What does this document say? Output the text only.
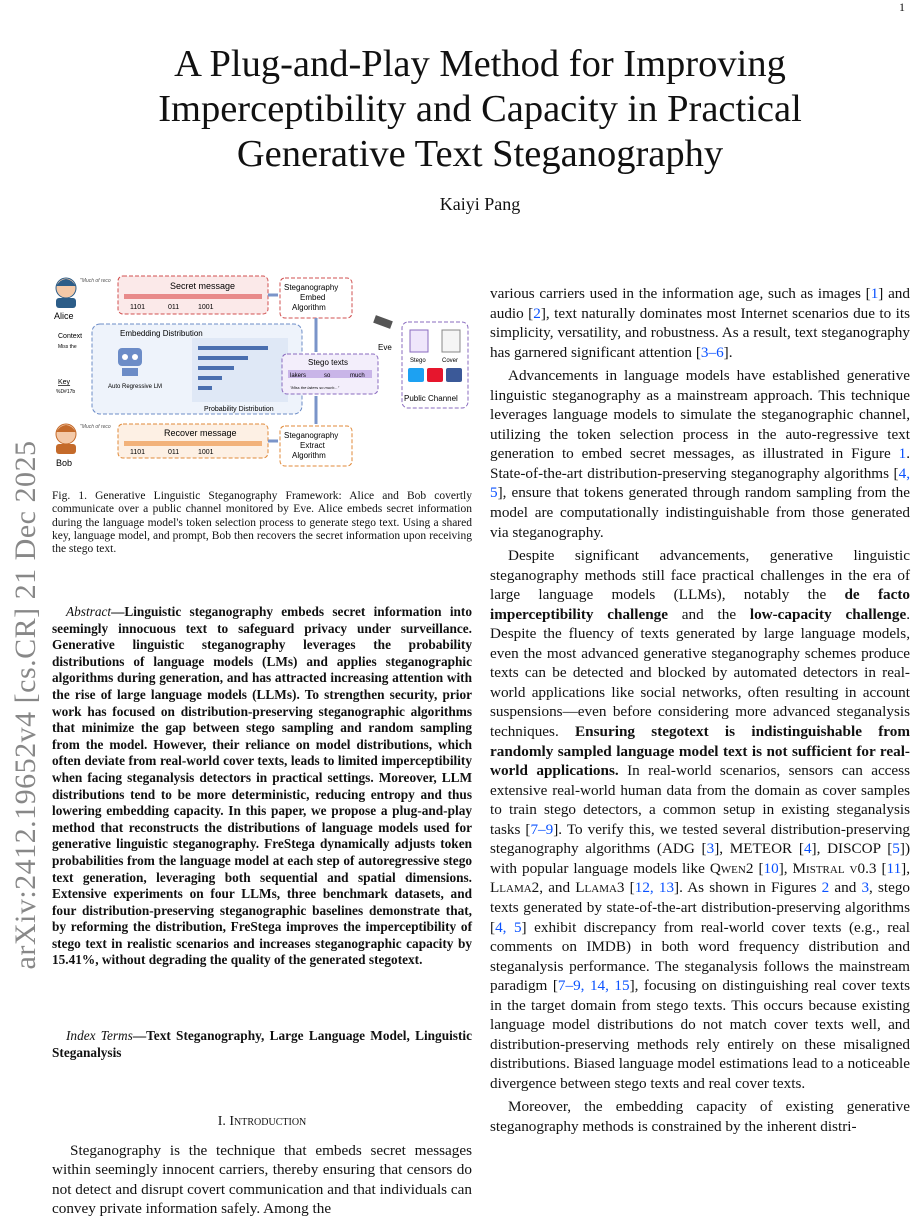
1
A Plug-and-Play Method for Improving
Imperceptibility and Capacity in Practical
Generative Text Steganography
Kaiyi Pang
arXiv:2412.19652v4 [cs.CR] 21 Dec 2025
Alice
"Much of reco	Secret message
1101	011	1001
Steganography
Embed
Algorithm
Embedding Distribution
Auto Regressive LM
Probability Distribution
Context
Miss the
Key
%D#17b
Stego texts
lakers	so	much
"Miss the lakers so much..."
Eve
Stego	Cover
Public Channel
Bob
"Much of reco
Recover message
1101	011	1001
Steganography
Extract
Algorithm
Fig. 1. Generative Linguistic Steganography Framework: Alice and Bob covertly communicate over a public channel monitored by Eve. Alice embeds secret information during the language model's token selection process to generate stego text. Using a shared key, language model, and prompt, Bob then recovers the secret information upon receiving the stego text.

Abstract—Linguistic steganography embeds secret information into seemingly innocuous text to safeguard privacy under surveillance. Generative linguistic steganography leverages the probability distributions of language models (LMs) and applies steganographic algorithms during generation, and has attracted increasing attention with the rise of large language models (LLMs). To strengthen security, prior work has focused on distribution-preserving steganographic algorithms that minimize the gap between stego sampling and random sampling from the model. However, their reliance on model distributions, which often deviate from real-world cover texts, leads to limited imperceptibility when facing steganalysis detectors in practical settings. Moreover, LLM distributions tend to be more deterministic, reducing entropy and thus lowering embedding capacity. In this paper, we propose a plug-and-play method that reconstructs the distributions of language models used for generative linguistic steganography. FreStega dynamically adjusts token probabilities from the language model at each step of autoregressive stego text generation, leveraging both sequential and spatial dimensions. Extensive experiments on four LLMs, three benchmark datasets, and four distribution-preserving steganographic baselines demonstrate that, by reforming the distribution, FreStega improves the imperceptibility of stego text in realistic scenarios and increases steganographic capacity by 15.41%, without degrading the quality of the generated stegotext.

Index Terms—Text Steganography, Large Language Model, Linguistic Steganalysis

I. Introduction

Steganography is the technique that embeds secret messages within seemingly innocent carriers, thereby ensuring that censors do not detect and disrupt covert communication and that individuals can convey private information safely. Among the

various carriers used in the information age, such as images [ 1 ] and audio [ 2 ] , text naturally dominates most Internet scenarios due to its simplicity, versatility, and robustness. As a result, text steganography has garnered significant attention [ 3–6 ] .

Advancements in language models have established generative linguistic steganography as a mainstream approach. This technique leverages language models to simulate the steganographic channel, utilizing the token selection process in the auto-regressive text generation to embed secret messages, as illustrated in Figure 1. State-of-the-art distribution-preserving steganography algorithms [ 4, 5 ] , ensure that tokens generated through random sampling from the model are computationally indistinguishable from those generated via steganography.

Despite significant advancements, generative linguistic steganography methods still face practical challenges in the era of large language models (LLMs), notably the de facto imperceptibility challenge and the low-capacity challenge. Despite the fluency of texts generated by large language models, even the most advanced generative steganography schemes produce texts can be detected and blocked by automated detectors in real-world applications like social networks, often resulting in account suspensions—even before considering more advanced steganalysis techniques. Ensuring stegotext is indistinguishable from randomly sampled language model text is not sufficient for real-world applications. In real-world scenarios, sensors can access extensive real-world human data from the domain as cover samples to train stego detectors, a common setup in existing steganalysis tasks [ 7–9 ] . To verify this, we tested several distribution-preserving steganography algorithms (ADG [ 3 ] , METEOR [ 4 ] , DISCOP [ 5 ] ) with popular language models like Qwen2 [ 10 ] , Mistral v0.3 [ 11 ] , Llama2, and Llama3 [ 12, 13 ] . As shown in Figures 2 and 3, stego texts generated by state-of-the-art distribution-preserving algorithms [ 4, 5 ] exhibit discrepancy from real-world cover texts (e.g., real comments on IMDB) in both word frequency distribution and steganalysis performance. The steganalysis follows the mainstream paradigm [ 7–9, 14, 15 ] , focusing on distinguishing real cover texts in the target domain from stego texts. This occurs because existing language model distributions do not match cover texts well, and distribution-preserving methods rely entirely on these misaligned distributions. Biased language model estimations lead to a noticeable divergence between stego texts and real cover texts.

Moreover, the embedding capacity of existing generative steganography methods is constrained by the inherent distri-
